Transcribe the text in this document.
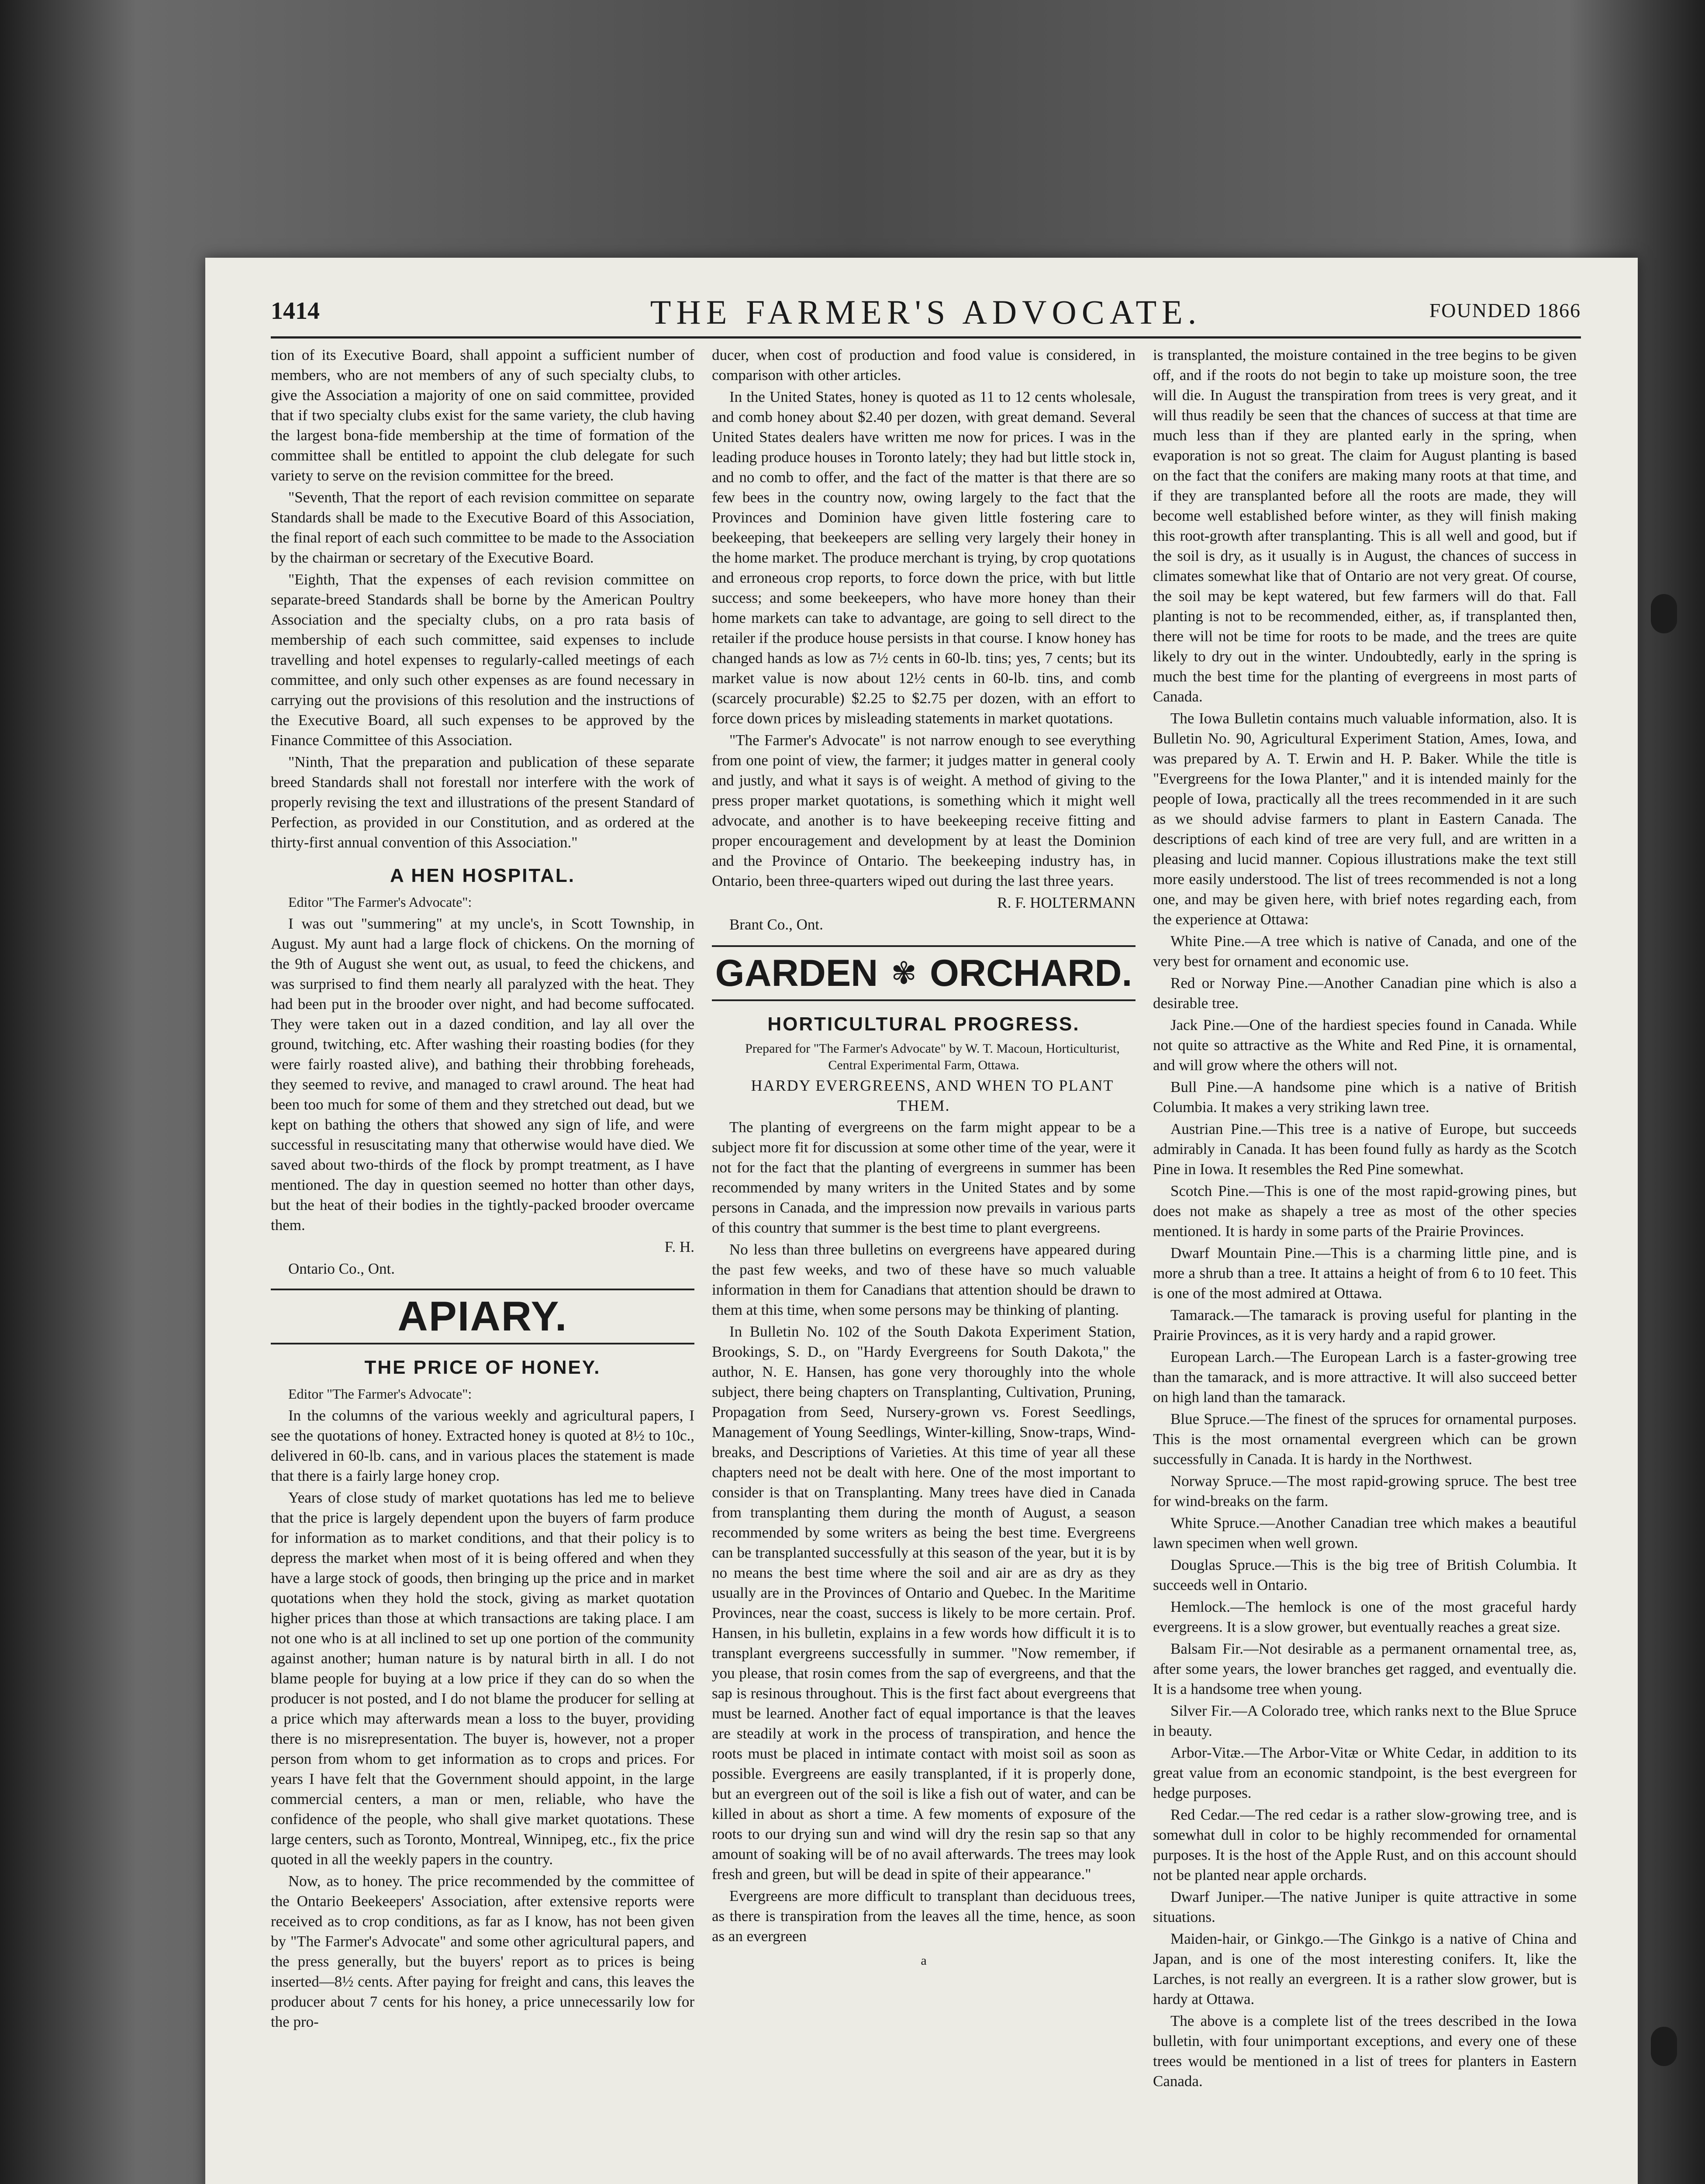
1414	THE FARMER'S ADVOCATE.	FOUNDED 1866

tion of its Executive Board, shall appoint a sufficient number of members, who are not members of any of such specialty clubs, to give the Association a majority of one on said committee, provided that if two specialty clubs exist for the same variety, the club having the largest bona-fide membership at the time of formation of the committee shall be entitled to appoint the club delegate for such variety to serve on the revision committee for the breed.

"Seventh, That the report of each revision committee on separate Standards shall be made to the Executive Board of this Association, the final report of each such committee to be made to the Association by the chairman or secretary of the Executive Board.

"Eighth, That the expenses of each revision committee on separate-breed Standards shall be borne by the American Poultry Association and the specialty clubs, on a pro rata basis of membership of each such committee, said expenses to include travelling and hotel expenses to regularly-called meetings of each committee, and only such other expenses as are found necessary in carrying out the provisions of this resolution and the instructions of the Executive Board, all such expenses to be approved by the Finance Committee of this Association.

"Ninth, That the preparation and publication of these separate breed Standards shall not forestall nor interfere with the work of properly revising the text and illustrations of the present Standard of Perfection, as provided in our Constitution, and as ordered at the thirty-first annual convention of this Association."

A HEN HOSPITAL.

Editor "The Farmer's Advocate":

I was out "summering" at my uncle's, in Scott Township, in August. My aunt had a large flock of chickens. On the morning of the 9th of August she went out, as usual, to feed the chickens, and was surprised to find them nearly all paralyzed with the heat. They had been put in the brooder over night, and had become suffocated. They were taken out in a dazed condition, and lay all over the ground, twitching, etc. After washing their roasting bodies (for they were fairly roasted alive), and bathing their throbbing foreheads, they seemed to revive, and managed to crawl around. The heat had been too much for some of them and they stretched out dead, but we kept on bathing the others that showed any sign of life, and were successful in resuscitating many that otherwise would have died. We saved about two-thirds of the flock by prompt treatment, as I have mentioned. The day in question seemed no hotter than other days, but the heat of their bodies in the tightly-packed brooder overcame them.

F. H.

Ontario Co., Ont.

APIARY.
THE PRICE OF HONEY.

Editor "The Farmer's Advocate":

In the columns of the various weekly and agricultural papers, I see the quotations of honey. Extracted honey is quoted at 8½ to 10c., delivered in 60-lb. cans, and in various places the statement is made that there is a fairly large honey crop.

Years of close study of market quotations has led me to believe that the price is largely dependent upon the buyers of farm produce for information as to market conditions, and that their policy is to depress the market when most of it is being offered and when they have a large stock of goods, then bringing up the price and in market quotations when they hold the stock, giving as market quotation higher prices than those at which transactions are taking place. I am not one who is at all inclined to set up one portion of the community against another; human nature is by natural birth in all. I do not blame people for buying at a low price if they can do so when the producer is not posted, and I do not blame the producer for selling at a price which may afterwards mean a loss to the buyer, providing there is no misrepresentation. The buyer is, however, not a proper person from whom to get information as to crops and prices. For years I have felt that the Government should appoint, in the large commercial centers, a man or men, reliable, who have the confidence of the people, who shall give market quotations. These large centers, such as Toronto, Montreal, Winnipeg, etc., fix the price quoted in all the weekly papers in the country.

Now, as to honey. The price recommended by the committee of the Ontario Beekeepers' Association, after extensive reports were received as to crop conditions, as far as I know, has not been given by "The Farmer's Advocate" and some other agricultural papers, and the press generally, but the buyers' report as to prices is being inserted—8½ cents. After paying for freight and cans, this leaves the producer about 7 cents for his honey, a price unnecessarily low for the pro-

ducer, when cost of production and food value is considered, in comparison with other articles.

In the United States, honey is quoted as 11 to 12 cents wholesale, and comb honey about $2.40 per dozen, with great demand. Several United States dealers have written me now for prices. I was in the leading produce houses in Toronto lately; they had but little stock in, and no comb to offer, and the fact of the matter is that there are so few bees in the country now, owing largely to the fact that the Provinces and Dominion have given little fostering care to beekeeping, that beekeepers are selling very largely their honey in the home market. The produce merchant is trying, by crop quotations and erroneous crop reports, to force down the price, with but little success; and some beekeepers, who have more honey than their home markets can take to advantage, are going to sell direct to the retailer if the produce house persists in that course. I know honey has changed hands as low as 7½ cents in 60-lb. tins; yes, 7 cents; but its market value is now about 12½ cents in 60-lb. tins, and comb (scarcely procurable) $2.25 to $2.75 per dozen, with an effort to force down prices by misleading statements in market quotations.

"The Farmer's Advocate" is not narrow enough to see everything from one point of view, the farmer; it judges matter in general cooly and justly, and what it says is of weight. A method of giving to the press proper market quotations, is something which it might well advocate, and another is to have beekeeping receive fitting and proper encouragement and development by at least the Dominion and the Province of Ontario. The beekeeping industry has, in Ontario, been three-quarters wiped out during the last three years.

R. F. HOLTERMANN

Brant Co., Ont.

GARDEN ✾ ORCHARD.
HORTICULTURAL PROGRESS.

Prepared for "The Farmer's Advocate" by W. T. Macoun, Horticulturist, Central Experimental Farm, Ottawa.

HARDY EVERGREENS, AND WHEN TO PLANT THEM.

The planting of evergreens on the farm might appear to be a subject more fit for discussion at some other time of the year, were it not for the fact that the planting of evergreens in summer has been recommended by many writers in the United States and by some persons in Canada, and the impression now prevails in various parts of this country that summer is the best time to plant evergreens.

No less than three bulletins on evergreens have appeared during the past few weeks, and two of these have so much valuable information in them for Canadians that attention should be drawn to them at this time, when some persons may be thinking of planting.

In Bulletin No. 102 of the South Dakota Experiment Station, Brookings, S. D., on "Hardy Evergreens for South Dakota," the author, N. E. Hansen, has gone very thoroughly into the whole subject, there being chapters on Transplanting, Cultivation, Pruning, Propagation from Seed, Nursery-grown vs. Forest Seedlings, Management of Young Seedlings, Winter-killing, Snow-traps, Wind-breaks, and Descriptions of Varieties. At this time of year all these chapters need not be dealt with here. One of the most important to consider is that on Transplanting. Many trees have died in Canada from transplanting them during the month of August, a season recommended by some writers as being the best time. Evergreens can be transplanted successfully at this season of the year, but it is by no means the best time where the soil and air are as dry as they usually are in the Provinces of Ontario and Quebec. In the Maritime Provinces, near the coast, success is likely to be more certain. Prof. Hansen, in his bulletin, explains in a few words how difficult it is to transplant evergreens successfully in summer. "Now remember, if you please, that rosin comes from the sap of evergreens, and that the sap is resinous throughout. This is the first fact about evergreens that must be learned. Another fact of equal importance is that the leaves are steadily at work in the process of transpiration, and hence the roots must be placed in intimate contact with moist soil as soon as possible. Evergreens are easily transplanted, if it is properly done, but an evergreen out of the soil is like a fish out of water, and can be killed in about as short a time. A few moments of exposure of the roots to our drying sun and wind will dry the resin sap so that any amount of soaking will be of no avail afterwards. The trees may look fresh and green, but will be dead in spite of their appearance."

Evergreens are more difficult to transplant than deciduous trees, as there is transpiration from the leaves all the time, hence, as soon as an evergreen

a

is transplanted, the moisture contained in the tree begins to be given off, and if the roots do not begin to take up moisture soon, the tree will die. In August the transpiration from trees is very great, and it will thus readily be seen that the chances of success at that time are much less than if they are planted early in the spring, when evaporation is not so great. The claim for August planting is based on the fact that the conifers are making many roots at that time, and if they are transplanted before all the roots are made, they will become well established before winter, as they will finish making this root-growth after transplanting. This is all well and good, but if the soil is dry, as it usually is in August, the chances of success in climates somewhat like that of Ontario are not very great. Of course, the soil may be kept watered, but few farmers will do that. Fall planting is not to be recommended, either, as, if transplanted then, there will not be time for roots to be made, and the trees are quite likely to dry out in the winter. Undoubtedly, early in the spring is much the best time for the planting of evergreens in most parts of Canada.

The Iowa Bulletin contains much valuable information, also. It is Bulletin No. 90, Agricultural Experiment Station, Ames, Iowa, and was prepared by A. T. Erwin and H. P. Baker. While the title is "Evergreens for the Iowa Planter," and it is intended mainly for the people of Iowa, practically all the trees recommended in it are such as we should advise farmers to plant in Eastern Canada. The descriptions of each kind of tree are very full, and are written in a pleasing and lucid manner. Copious illustrations make the text still more easily understood. The list of trees recommended is not a long one, and may be given here, with brief notes regarding each, from the experience at Ottawa:

White Pine.—A tree which is native of Canada, and one of the very best for ornament and economic use.

Red or Norway Pine.—Another Canadian pine which is also a desirable tree.

Jack Pine.—One of the hardiest species found in Canada. While not quite so attractive as the White and Red Pine, it is ornamental, and will grow where the others will not.

Bull Pine.—A handsome pine which is a native of British Columbia. It makes a very striking lawn tree.

Austrian Pine.—This tree is a native of Europe, but succeeds admirably in Canada. It has been found fully as hardy as the Scotch Pine in Iowa. It resembles the Red Pine somewhat.

Scotch Pine.—This is one of the most rapid-growing pines, but does not make as shapely a tree as most of the other species mentioned. It is hardy in some parts of the Prairie Provinces.

Dwarf Mountain Pine.—This is a charming little pine, and is more a shrub than a tree. It attains a height of from 6 to 10 feet. This is one of the most admired at Ottawa.

Tamarack.—The tamarack is proving useful for planting in the Prairie Provinces, as it is very hardy and a rapid grower.

European Larch.—The European Larch is a faster-growing tree than the tamarack, and is more attractive. It will also succeed better on high land than the tamarack.

Blue Spruce.—The finest of the spruces for ornamental purposes. This is the most ornamental evergreen which can be grown successfully in Canada. It is hardy in the Northwest.

Norway Spruce.—The most rapid-growing spruce. The best tree for wind-breaks on the farm.

White Spruce.—Another Canadian tree which makes a beautiful lawn specimen when well grown.

Douglas Spruce.—This is the big tree of British Columbia. It succeeds well in Ontario.

Hemlock.—The hemlock is one of the most graceful hardy evergreens. It is a slow grower, but eventually reaches a great size.

Balsam Fir.—Not desirable as a permanent ornamental tree, as, after some years, the lower branches get ragged, and eventually die. It is a handsome tree when young.

Silver Fir.—A Colorado tree, which ranks next to the Blue Spruce in beauty.

Arbor-Vitæ.—The Arbor-Vitæ or White Cedar, in addition to its great value from an economic standpoint, is the best evergreen for hedge purposes.

Red Cedar.—The red cedar is a rather slow-growing tree, and is somewhat dull in color to be highly recommended for ornamental purposes. It is the host of the Apple Rust, and on this account should not be planted near apple orchards.

Dwarf Juniper.—The native Juniper is quite attractive in some situations.

Maiden-hair, or Ginkgo.—The Ginkgo is a native of China and Japan, and is one of the most interesting conifers. It, like the Larches, is not really an evergreen. It is a rather slow grower, but is hardy at Ottawa.

The above is a complete list of the trees described in the Iowa bulletin, with four unimportant exceptions, and every one of these trees would be mentioned in a list of trees for planters in Eastern Canada.
